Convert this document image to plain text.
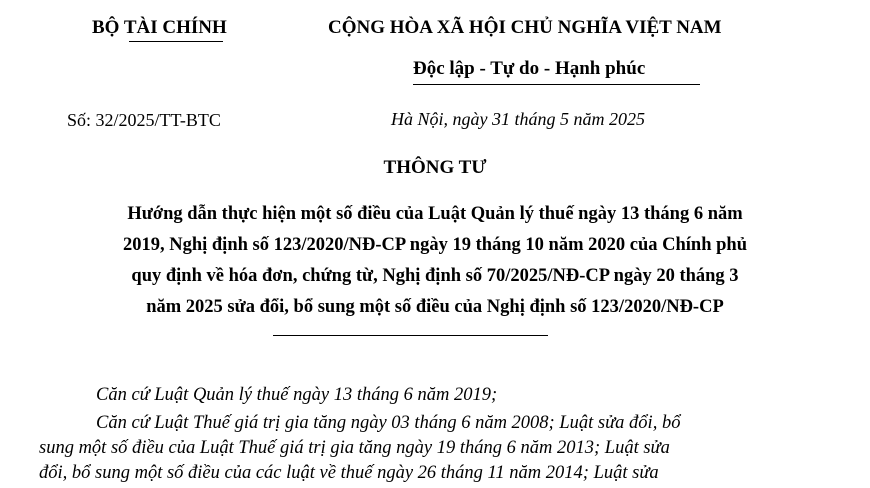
BỘ TÀI CHÍNH	CỘNG HÒA XÃ HỘI CHỦ NGHĨA VIỆT NAM
Độc lập - Tự do - Hạnh phúc
Số: 32/2025/TT-BTC	Hà Nội, ngày 31 tháng 5 năm 2025
THÔNG TƯ
Hướng dẫn thực hiện một số điều của Luật Quản lý thuế ngày 13 tháng 6 năm
2019, Nghị định số 123/2020/NĐ-CP ngày 19 tháng 10 năm 2020 của Chính phủ
quy định về hóa đơn, chứng từ, Nghị định số 70/2025/NĐ-CP ngày 20 tháng 3
năm 2025 sửa đổi, bổ sung một số điều của Nghị định số 123/2020/NĐ-CP
Căn cứ Luật Quản lý thuế ngày 13 tháng 6 năm 2019;
Căn cứ Luật Thuế giá trị gia tăng ngày 03 tháng 6 năm 2008; Luật sửa đổi, bổ
sung một số điều của Luật Thuế giá trị gia tăng ngày 19 tháng 6 năm 2013; Luật sửa
đổi, bổ sung một số điều của các luật về thuế ngày 26 tháng 11 năm 2014; Luật sửa
